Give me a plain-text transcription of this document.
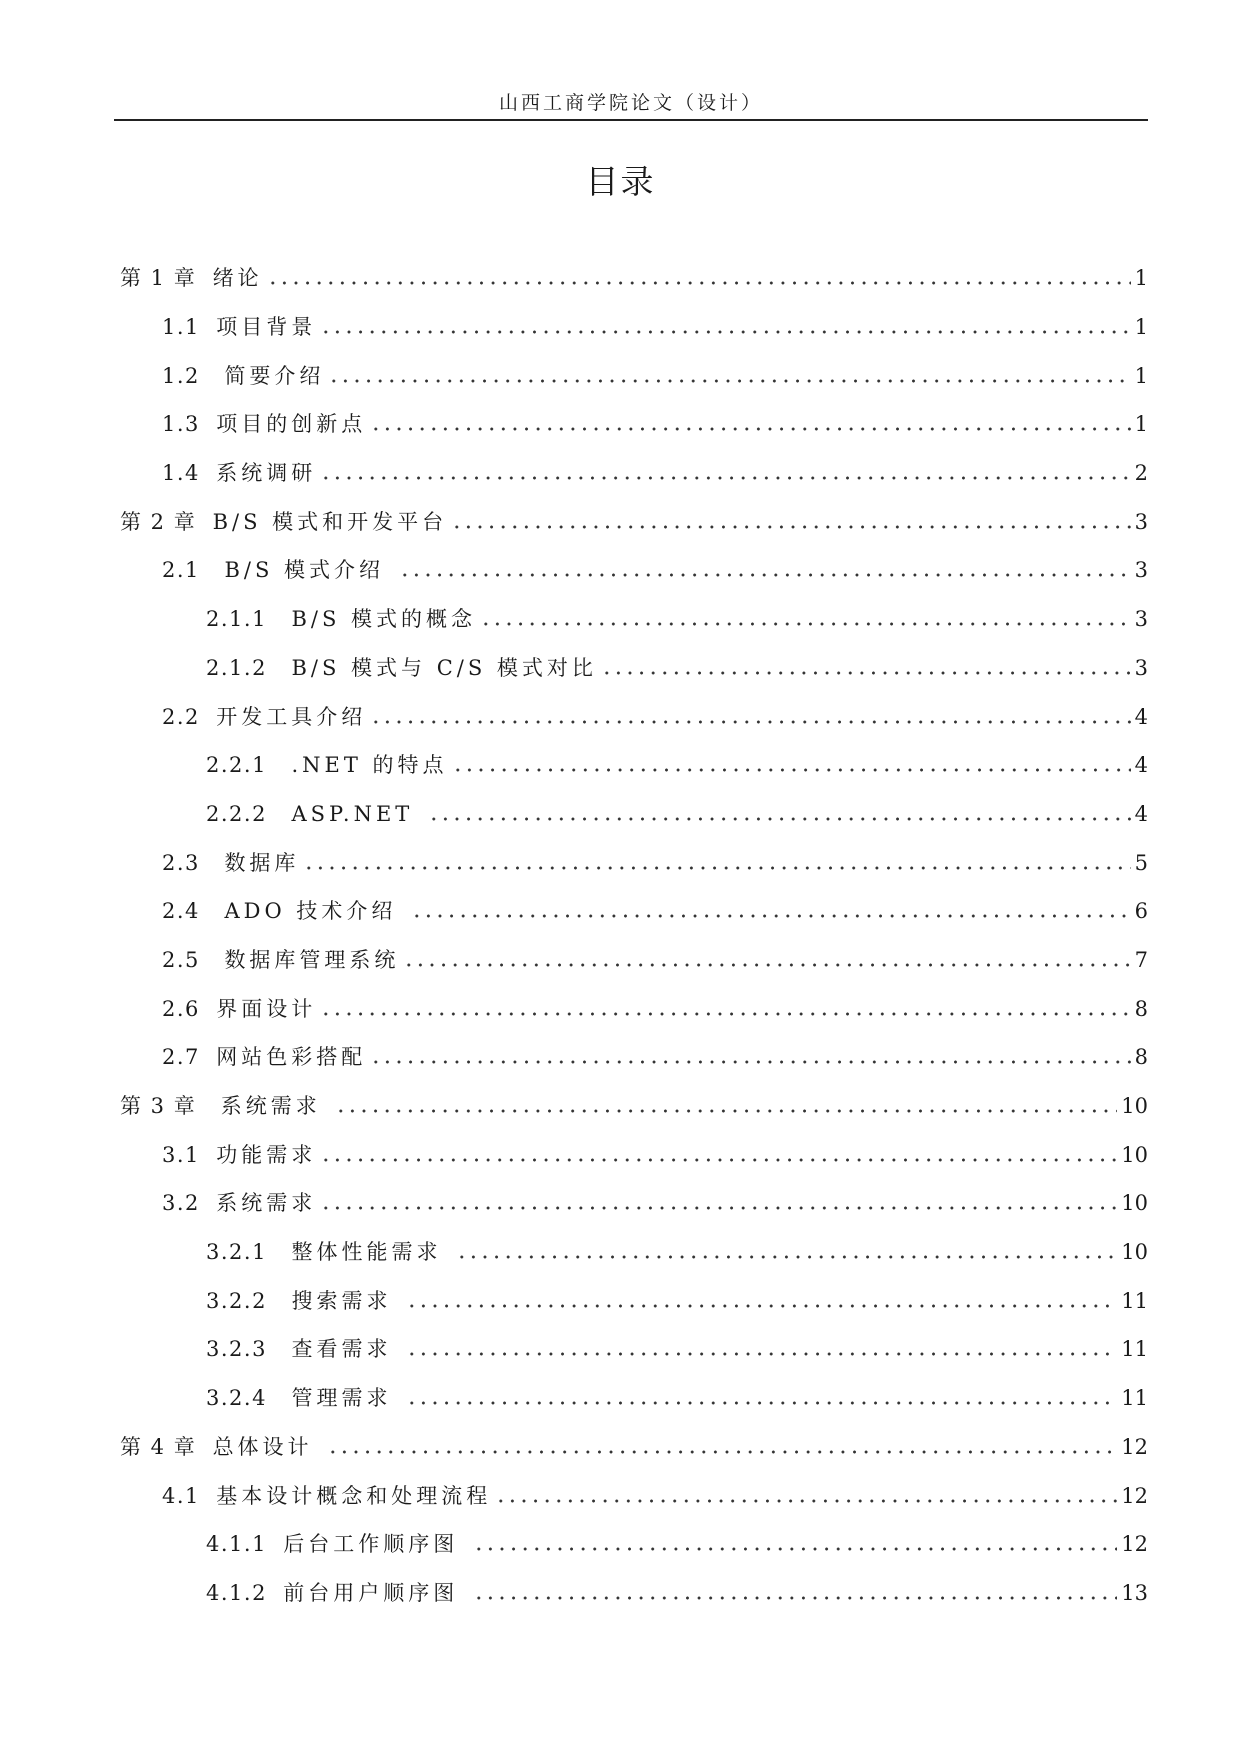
山西工商学院论文（设计）
目录
第 1 章 绪论	1
1.1 项目背景	1
1.2 简要介绍	1
1.3 项目的创新点	1
1.4 系统调研	2
第 2 章 B/S 模式和开发平台	3
2.1 B/S 模式介绍	3
2.1.1 B/S 模式的概念	3
2.1.2 B/S 模式与 C/S 模式对比	3
2.2 开发工具介绍	4
2.2.1 .NET 的特点	4
2.2.2 ASP.NET	4
2.3 数据库	5
2.4 ADO 技术介绍	6
2.5 数据库管理系统	7
2.6 界面设计	8
2.7 网站色彩搭配	8
第 3 章 系统需求	10
3.1 功能需求	10
3.2 系统需求	10
3.2.1 整体性能需求	10
3.2.2 搜索需求	11
3.2.3 查看需求	11
3.2.4 管理需求	11
第 4 章 总体设计	12
4.1 基本设计概念和处理流程	12
4.1.1 后台工作顺序图	12
4.1.2 前台用户顺序图	13
